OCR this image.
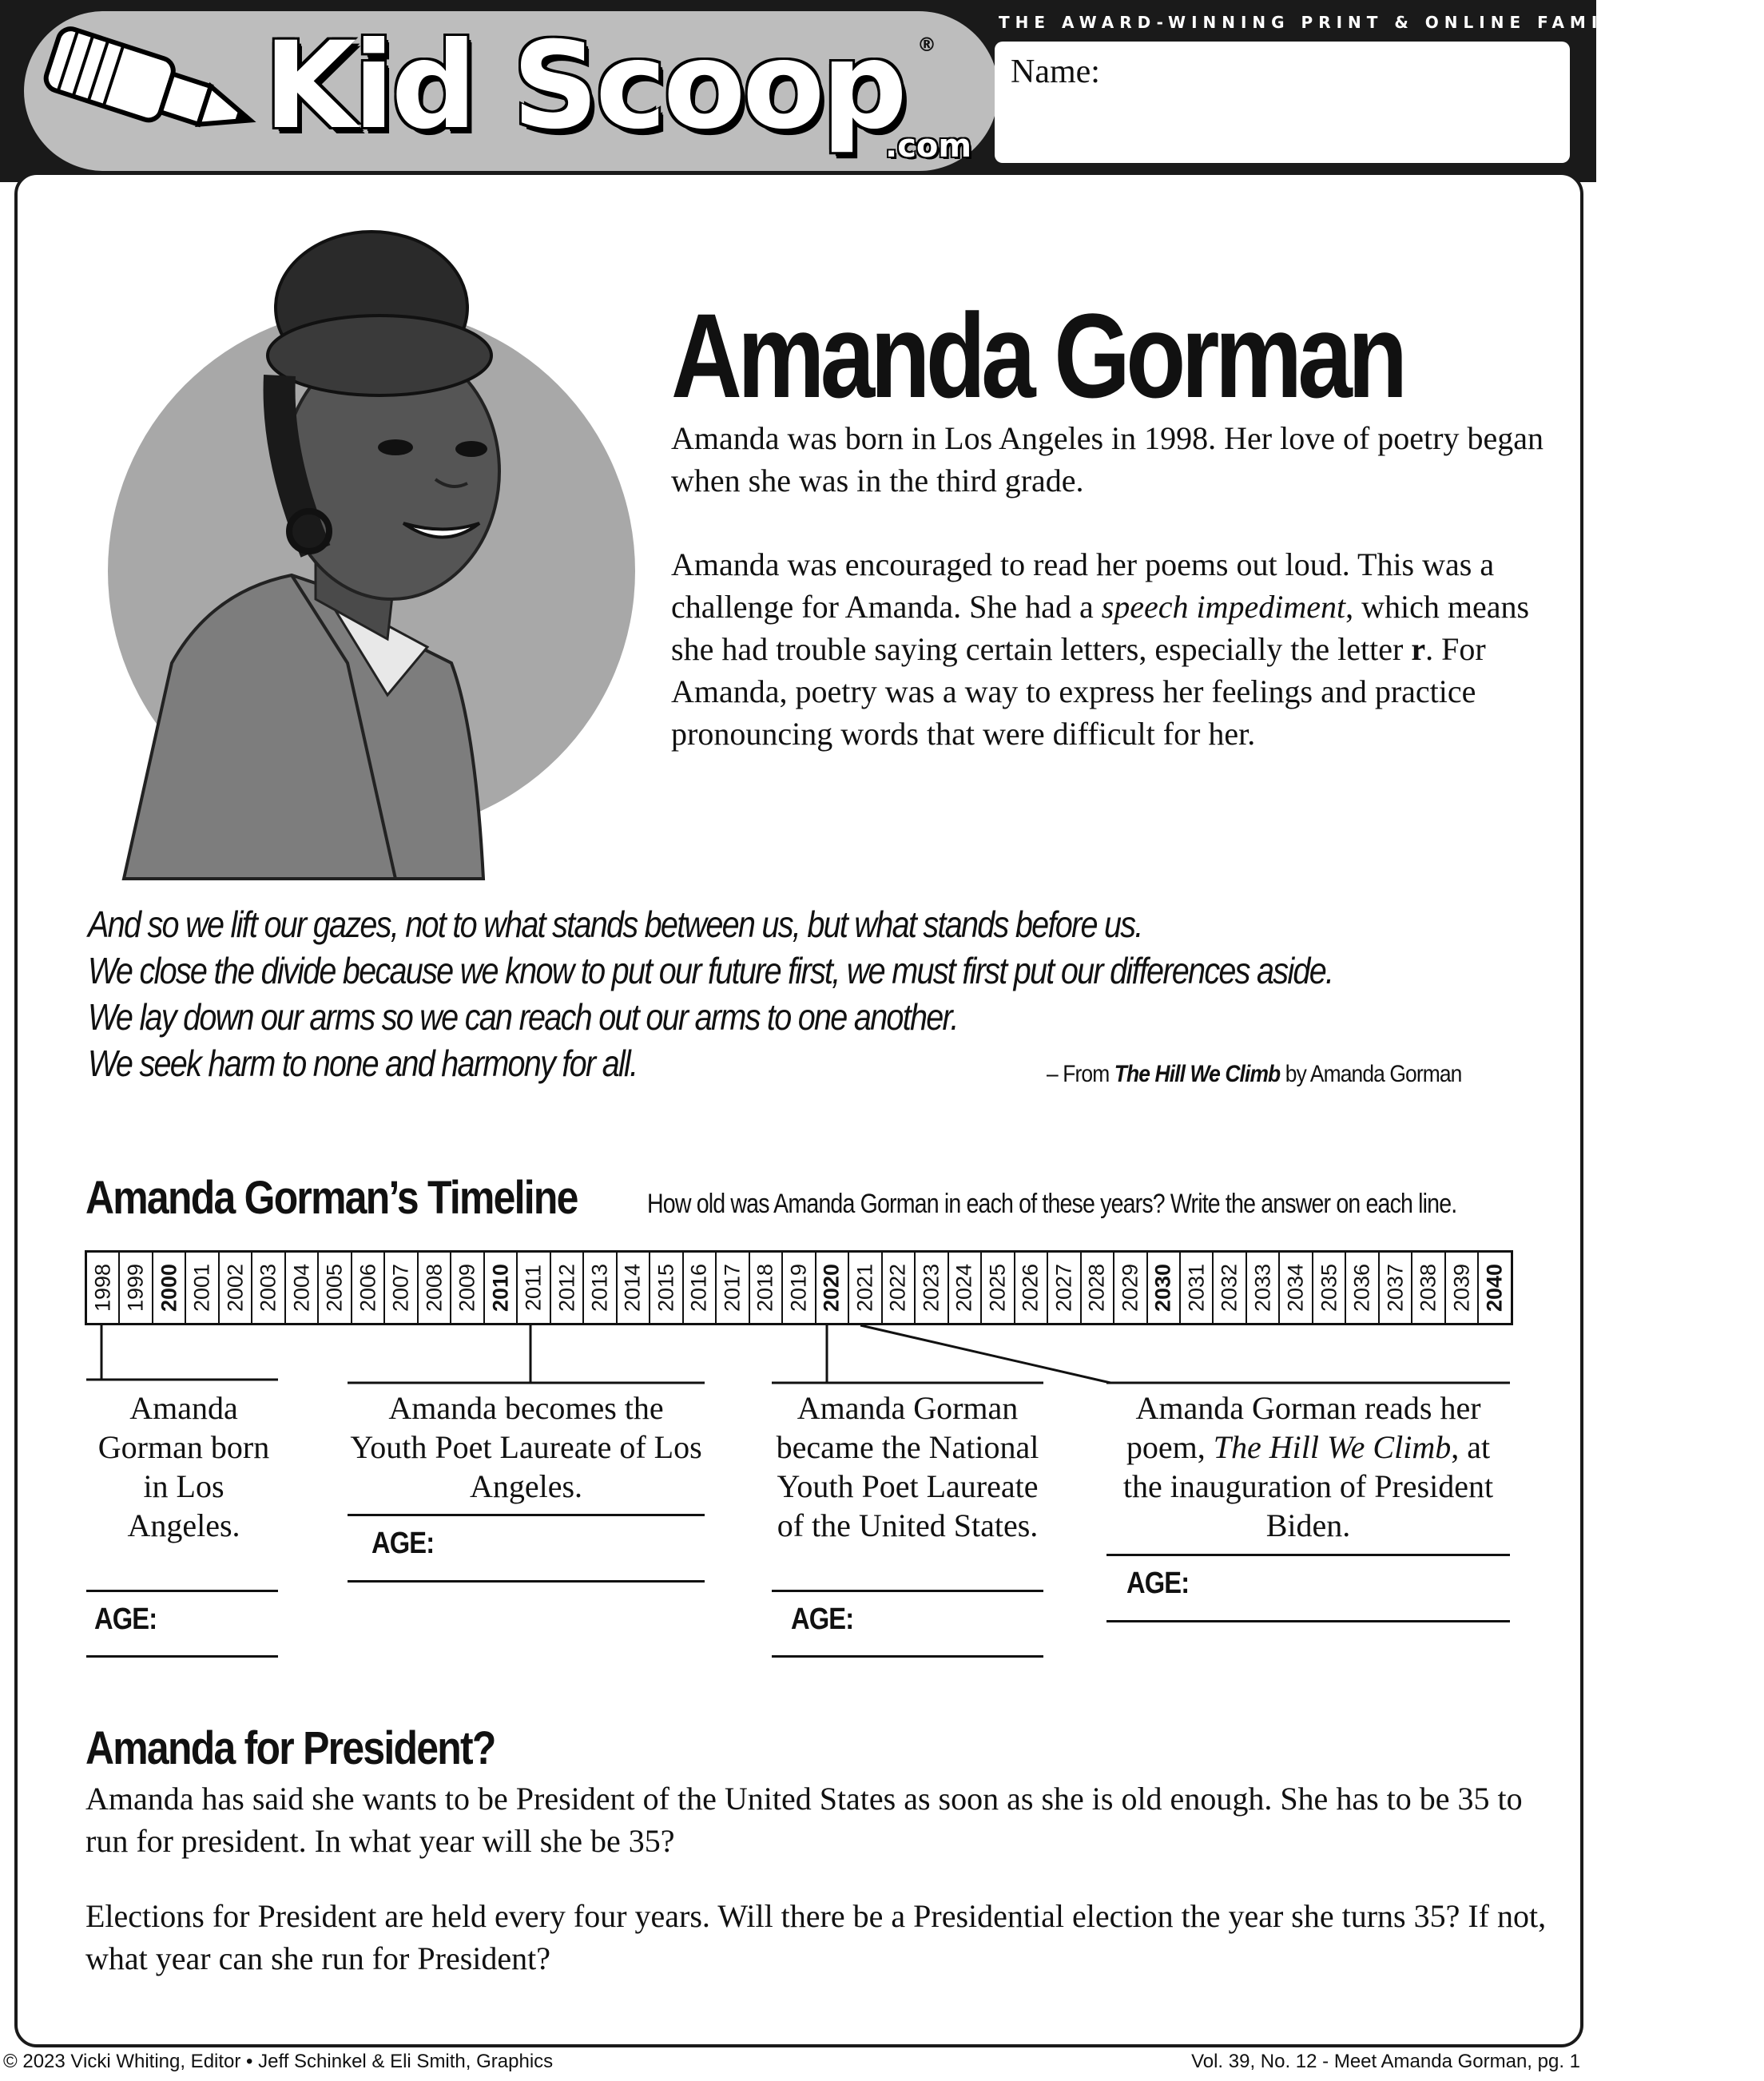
Kid Scoop ®
.com
THE AWARD-WINNING PRINT & ONLINE FAMILY FEATURE
Name:
Amanda Gorman
Amanda was born in Los Angeles in 1998. Her love of poetry began when she was in the third grade.
Amanda was encouraged to read her poems out loud. This was a challenge for Amanda. She had a speech impediment, which means she had trouble saying certain letters, especially the letter r. For Amanda, poetry was a way to express her feelings and practice pronouncing words that were difficult for her.
And so we lift our gazes, not to what stands between us, but what stands before us.
We close the divide because we know to put our future first, we must first put our differences aside.
We lay down our arms so we can reach out our arms to one another.
We seek harm to none and harmony for all.	– From The Hill We Climb by Amanda Gorman
Amanda Gorman’s Timeline	How old was Amanda Gorman in each of these years? Write the answer on each line.
1998 1999 2000 2001 2002 2003 2004 2005 2006 2007 2008 2009 2010 2011 2012 2013 2014 2015 2016 2017 2018 2019 2020 2021 2022 2023 2024 2025 2026 2027 2028 2029 2030 2031 2032 2033 2034 2035 2036 2037 2038 2039 2040
Amanda Gorman born in Los Angeles.
AGE:
Amanda becomes the Youth Poet Laureate of Los Angeles.
AGE:
Amanda Gorman became the National Youth Poet Laureate of the United States.
AGE:
Amanda Gorman reads her poem, The Hill We Climb, at the inauguration of President Biden.
AGE:
Amanda for President?
Amanda has said she wants to be President of the United States as soon as she is old enough. She has to be 35 to run for president. In what year will she be 35?
Elections for President are held every four years. Will there be a Presidential election the year she turns 35? If not, what year can she run for President?
© 2023 Vicki Whiting, Editor • Jeff Schinkel & Eli Smith, Graphics	Vol. 39, No. 12 - Meet Amanda Gorman, pg. 1
